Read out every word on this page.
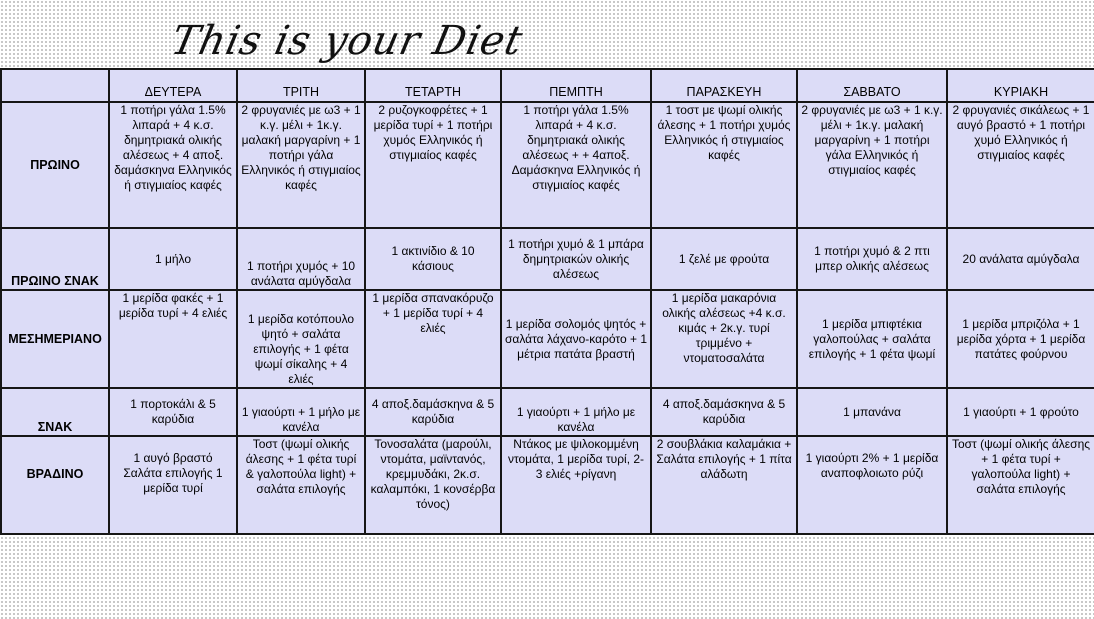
This is your Diet
	ΔΕΥΤΕΡΑ	ΤΡΙΤΗ	ΤΕΤΑΡΤΗ	ΠΕΜΠΤΗ	ΠΑΡΑΣΚΕΥΗ	ΣΑΒΒΑΤΟ	ΚΥΡΙΑΚΗ
ΠΡΩΙΝΟ	1 ποτήρι γάλα 1.5% λιπαρά + 4 κ.σ. δημητριακά ολικής αλέσεως + 4 αποξ. δαμάσκηνα Ελληνικός ή στιγμιαίος καφές	2 φρυγανιές με ω3 + 1 κ.γ. μέλι + 1κ.γ. μαλακή μαργαρίνη + 1 ποτήρι γάλα Ελληνικός ή στιγμιαίος καφές	2 ρυζογκοφρέτες + 1 μερίδα τυρί + 1 ποτήρι χυμός Ελληνικός ή στιγμιαίος καφές	1 ποτήρι γάλα 1.5% λιπαρά + 4 κ.σ. δημητριακά ολικής αλέσεως + + 4αποξ. Δαμάσκηνα Ελληνικός ή στιγμιαίος καφές	1 τοστ με ψωμί ολικής άλεσης + 1 ποτήρι χυμός Ελληνικός ή στιγμιαίος καφές	2 φρυγανιές με ω3 + 1 κ.γ. μέλι + 1κ.γ. μαλακή μαργαρίνη + 1 ποτήρι γάλα Ελληνικός ή στιγμιαίος καφές	2 φρυγανιές σικάλεως + 1 αυγό βραστό + 1 ποτήρι χυμό Ελληνικός ή στιγμιαίος καφές
ΠΡΩΙΝΟ ΣΝΑΚ	1 μήλο	1 ποτήρι χυμός + 10 ανάλατα αμύγδαλα	1 ακτινίδιο & 10 κάσιους	1 ποτήρι χυμό & 1 μπάρα δημητριακών ολικής αλέσεως	1 ζελέ με φρούτα	1 ποτήρι χυμό & 2 πτι μπερ ολικής αλέσεως	20 ανάλατα αμύγδαλα
ΜΕΣΗΜΕΡΙΑΝΟ	1 μερίδα φακές + 1 μερίδα τυρί + 4 ελιές	1 μερίδα κοτόπουλο ψητό + σαλάτα επιλογής + 1 φέτα ψωμί σίκαλης + 4 ελιές	1 μερίδα σπανακόρυζο + 1 μερίδα τυρί + 4 ελιές	1 μερίδα σολομός ψητός + σαλάτα λάχανο-καρότο + 1 μέτρια πατάτα βραστή	1 μερίδα μακαρόνια ολικής αλέσεως +4 κ.σ. κιμάς + 2κ.γ. τυρί τριμμένο + ντοματοσαλάτα	1 μερίδα μπιφτέκια γαλοπούλας + σαλάτα επιλογής + 1 φέτα ψωμί	1 μερίδα μπριζόλα + 1 μερίδα χόρτα + 1 μερίδα πατάτες φούρνου
ΣΝΑΚ	1 πορτοκάλι & 5 καρύδια	1 γιαούρτι + 1 μήλο με κανέλα	4 αποξ.δαμάσκηνα & 5 καρύδια	1 γιαούρτι + 1 μήλο με κανέλα	4 αποξ.δαμάσκηνα & 5 καρύδια	1 μπανάνα	1 γιαούρτι + 1 φρούτο
ΒΡΑΔΙΝΟ	1 αυγό βραστό Σαλάτα επιλογής 1 μερίδα τυρί	Τοστ (ψωμί ολικής άλεσης + 1 φέτα τυρί & γαλοπούλα light) + σαλάτα επιλογής	Τονοσαλάτα (μαρούλι, ντομάτα, μαϊντανός, κρεμμυδάκι, 2κ.σ. καλαμπόκι, 1 κονσέρβα τόνος)	Ντάκος με ψιλοκομμένη ντομάτα, 1 μερίδα τυρί, 2-3 ελιές +ρίγανη	2 σουβλάκια καλαμάκια + Σαλάτα επιλογής + 1 πίτα αλάδωτη	1 γιαούρτι 2% + 1 μερίδα αναποφλοιωτο ρύζι	Τοστ (ψωμί ολικής άλεσης + 1 φέτα τυρί + γαλοπούλα light) + σαλάτα επιλογής
